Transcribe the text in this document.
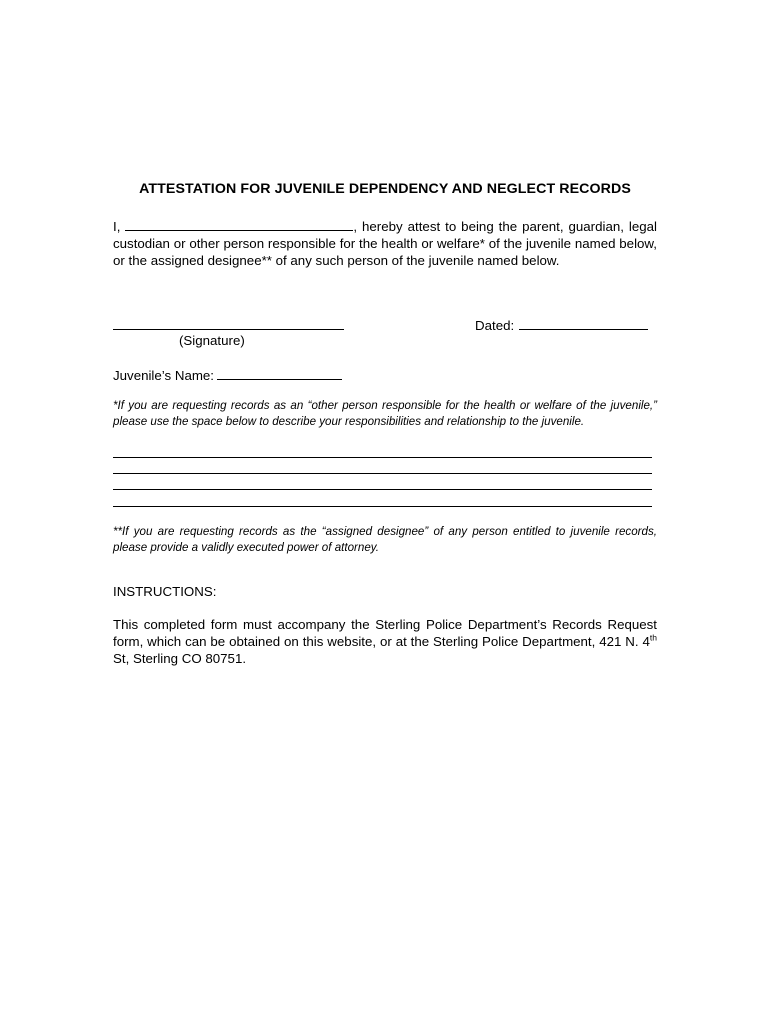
ATTESTATION FOR JUVENILE DEPENDENCY AND NEGLECT RECORDS
I,	, hereby attest to being the parent, guardian, legal custodian or other person responsible for the health or welfare* of the juvenile named below, or the assigned designee** of any such person of the juvenile named below.
(Signature)
Dated:
Juvenile’s Name:
*If you are requesting records as an “other person responsible for the health or welfare of the juvenile,” please use the space below to describe your responsibilities and relationship to the juvenile.
**If you are requesting records as the “assigned designee” of any person entitled to juvenile records, please provide a validly executed power of attorney.
INSTRUCTIONS:
This completed form must accompany the Sterling Police Department’s Records Request form, which can be obtained on this website, or at the Sterling Police Department, 421 N. 4th St, Sterling CO 80751.
